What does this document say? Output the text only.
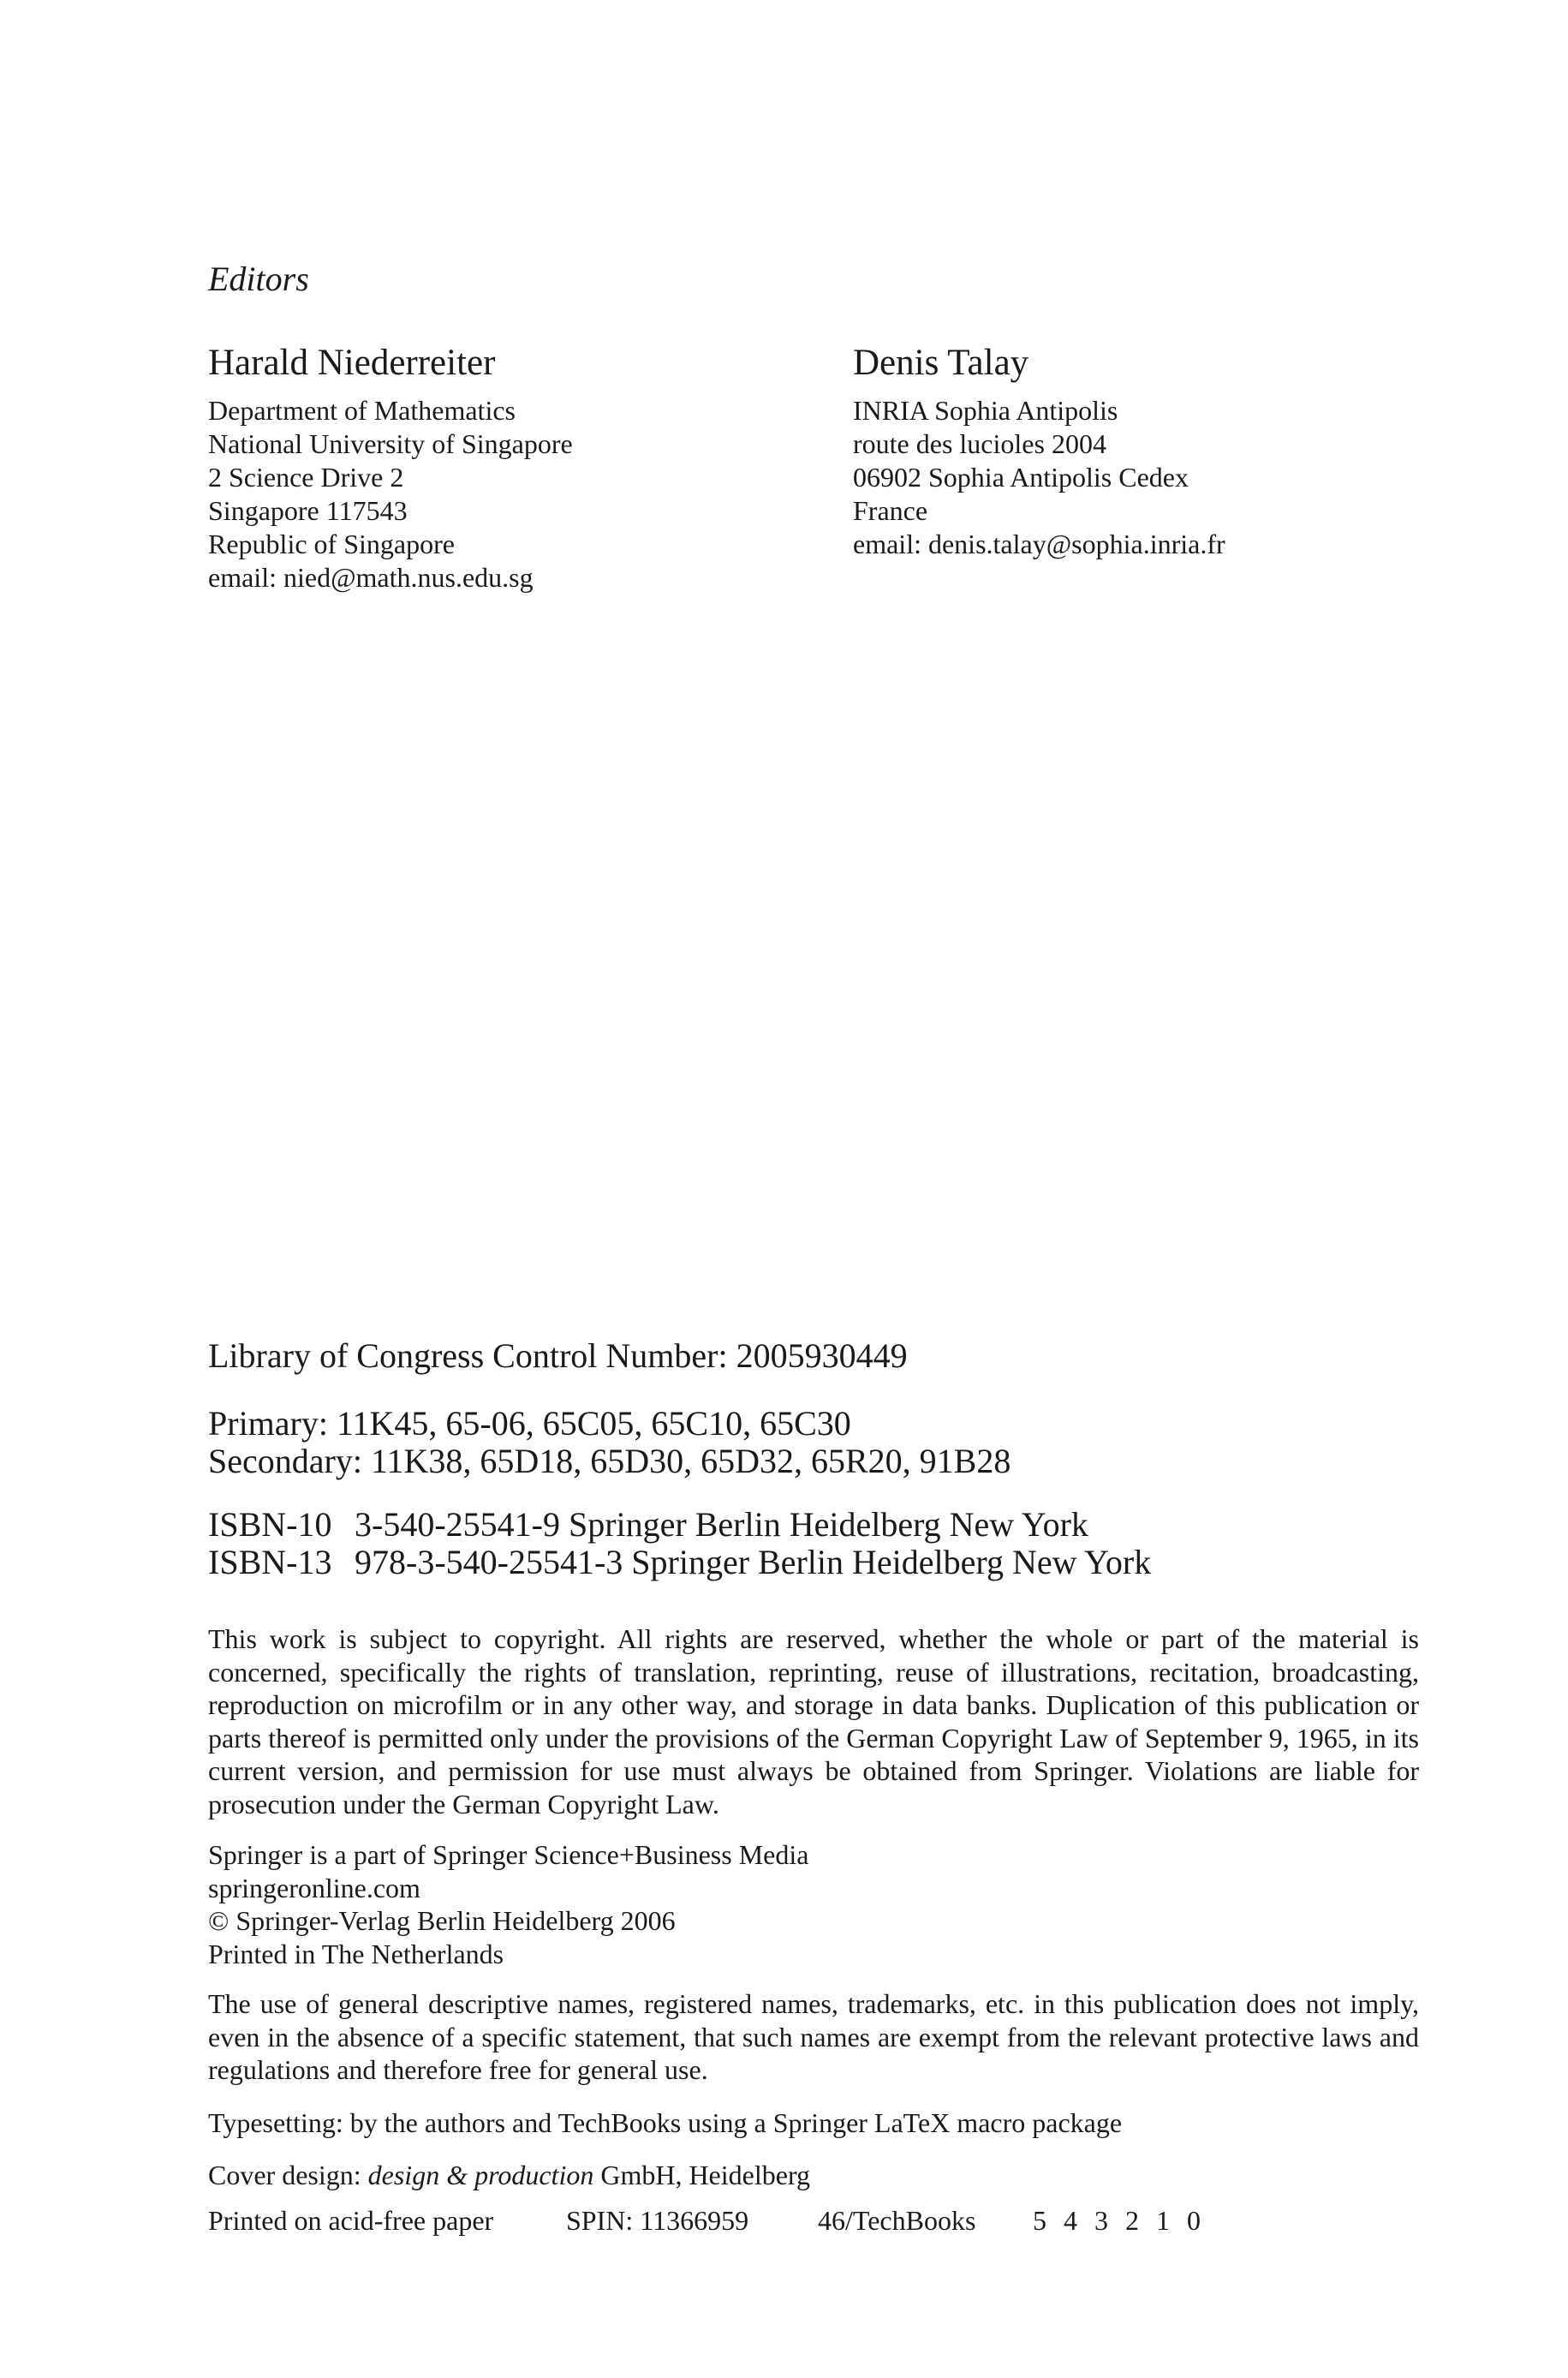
Editors
Harald Niederreiter
Department of Mathematics
National University of Singapore
2 Science Drive 2
Singapore 117543
Republic of Singapore
email: nied@math.nus.edu.sg
Denis Talay
INRIA Sophia Antipolis
route des lucioles 2004
06902 Sophia Antipolis Cedex
France
email: denis.talay@sophia.inria.fr
Library of Congress Control Number: 2005930449
Primary: 11K45, 65-06, 65C05, 65C10, 65C30
Secondary: 11K38, 65D18, 65D30, 65D32, 65R20, 91B28
ISBN-10 3-540-25541-9 Springer Berlin Heidelberg New York
ISBN-13 978-3-540-25541-3 Springer Berlin Heidelberg New York
This work is subject to copyright. All rights are reserved, whether the whole or part of the material is concerned, specifically the rights of translation, reprinting, reuse of illustrations, recitation, broadcasting, reproduction on microfilm or in any other way, and storage in data banks. Duplication of this publication or parts thereof is permitted only under the provisions of the German Copyright Law of September 9, 1965, in its current version, and permission for use must always be obtained from Springer. Violations are liable for prosecution under the German Copyright Law.
Springer is a part of Springer Science+Business Media
springeronline.com
© Springer-Verlag Berlin Heidelberg 2006
Printed in The Netherlands
The use of general descriptive names, registered names, trademarks, etc. in this publication does not imply, even in the absence of a specific statement, that such names are exempt from the relevant protective laws and regulations and therefore free for general use.
Typesetting: by the authors and TechBooks using a Springer LaTeX macro package
Cover design: design & production GmbH, Heidelberg
Printed on acid-free paper	SPIN: 11366959	46/TechBooks 5 4 3 2 1 0
